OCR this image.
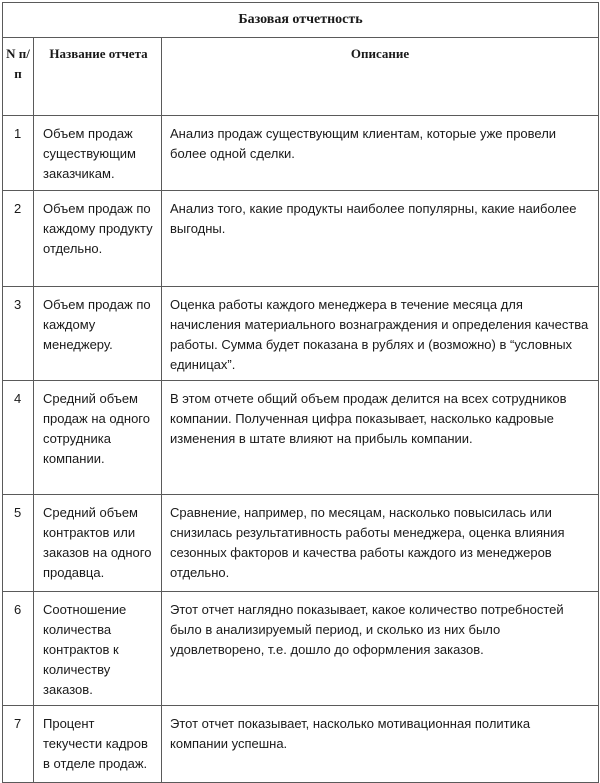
Базовая отчетность		
N п/п	Название отчета	Описание
1	Объем продаж существующим заказчикам.	Анализ продаж существующим клиентам, которые уже провели более одной сделки.
2	Объем продаж по каждому продукту отдельно.	Анализ того, какие продукты наиболее популярны, какие наиболее выгодны.
3	Объем продаж по каждому менеджеру.	Оценка работы каждого менеджера в течение месяца для начисления материального вознаграждения и определения качества работы. Сумма будет показана в рублях и (возможно) в “условных единицах”.
4	Средний объем продаж на одного сотрудника компании.	В этом отчете общий объем продаж делится на всех сотрудников компании. Полученная цифра показывает, насколько кадровые изменения в штате влияют на прибыль компании.
5	Средний объем контрактов или заказов на одного продавца.	Сравнение, например, по месяцам, насколько повысилась или снизилась результативность работы менеджера, оценка влияния сезонных факторов и качества работы каждого из менеджеров отдельно.
6	Соотношение количества контрактов к количеству заказов.	Этот отчет наглядно показывает, какое количество потребностей было в анализируемый период, и сколько из них было удовлетворено, т.е. дошло до оформления заказов.
7	Процент текучести кадров в отделе продаж.	Этот отчет показывает, насколько мотивационная политика компании успешна.
